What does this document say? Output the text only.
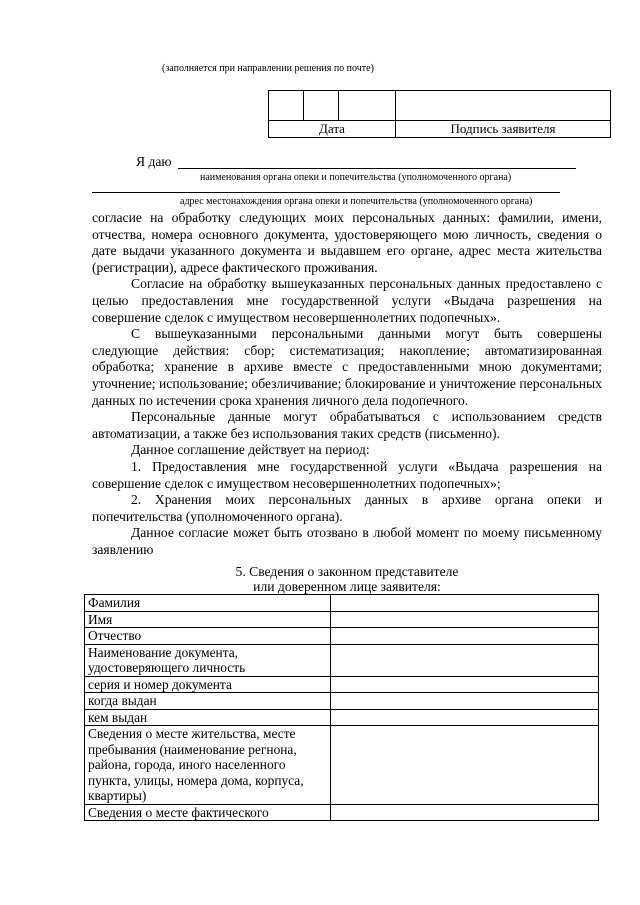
(заполняется при направлении решения по почте)

Дата			Подпись заявителя
Я даю
наименования органа опеки и попечительства (уполномоченного органа)
адрес местонахождения органа опеки и попечительства (уполномоченного органа)

согласие на обработку следующих моих персональных данных: фамилии, имени, отчества, номера основного документа, удостоверяющего мою личность, сведения о дате выдачи указанного документа и выдавшем его органе, адрес места жительства (регистрации), адресе фактического проживания.

Согласие на обработку вышеуказанных персональных данных предоставлено с целью предоставления мне государственной услуги «Выдача разрешения на совершение сделок с имуществом несовершеннолетних подопечных».

С вышеуказанными персональными данными могут быть совершены следующие действия: сбор; систематизация; накопление; автоматизированная обработка; хранение в архиве вместе с предоставленными мною документами; уточнение; использование; обезличивание; блокирование и уничтожение персональных данных по истечении срока хранения личного дела подопечного.

Персональные данные могут обрабатываться с использованием средств автоматизации, а также без использования таких средств (письменно).

Данное соглашение действует на период:

1. Предоставления мне государственной услуги «Выдача разрешения на совершение сделок с имуществом несовершеннолетних подопечных»;

2. Хранения моих персональных данных в архиве органа опеки и попечительства (уполномоченного органа).

Данное согласие может быть отозвано в любой момент по моему письменному заявлению

5. Сведения о законном представителе
или доверенном лице заявителя:
Фамилия	
Имя	
Отчество	
Наименование документа, удостоверяющего личность	
серия и номер документа	
когда выдан	
кем выдан	
Сведения о месте жительства, месте пребывания (наименование регнона, района, города, иного населенного пункта, улицы, номера дома, корпуса, квартиры)	
Сведения о месте фактического	
